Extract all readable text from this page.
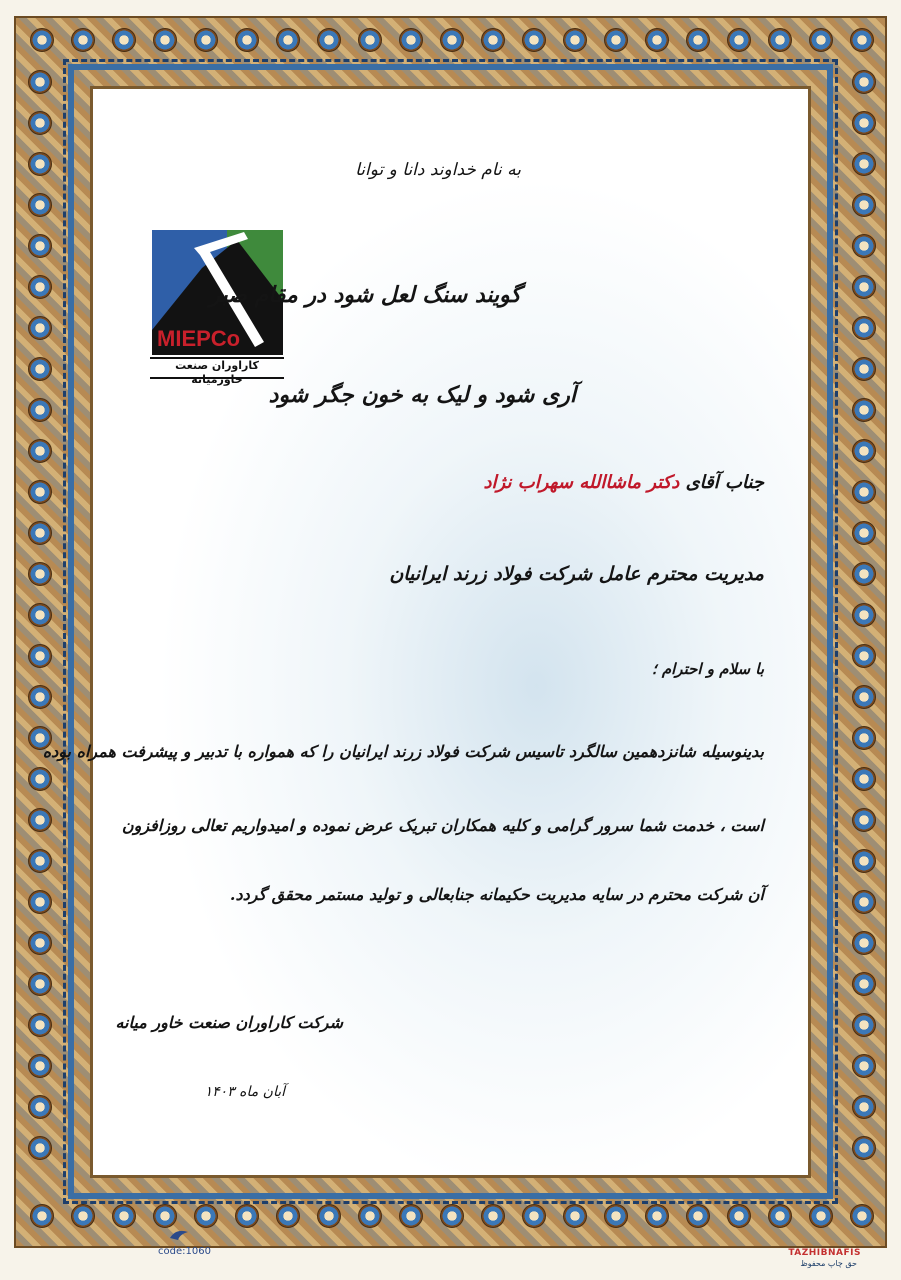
به نام خداوند دانا و توانا
MIEPCo
کاراوران صنعت خاورمیانه
گویند سنگ لعل شود در مقام صبر
آری شود و لیک به خون جگر شود
جناب آقای دکتر ماشاالله سهراب نژاد
مدیریت محترم عامل شرکت فولاد زرند ایرانیان
با سلام و احترام ؛
بدینوسیله شانزدهمین سالگرد تاسیس شرکت فولاد زرند ایرانیان را که همواره با تدبیر و پیشرفت همراه بوده
است ، خدمت شما سرور گرامی و کلیه همکاران تبریک عرض نموده و امیدواریم تعالی روزافزون
آن شرکت محترم در سایه مدیریت حکیمانه جنابعالی و تولید مستمر محقق گردد.
شرکت کاراوران صنعت خاور میانه
آبان ماه ۱۴۰۳
code:1060	TAZHIBNAFIS
حق چاپ محفوظ
